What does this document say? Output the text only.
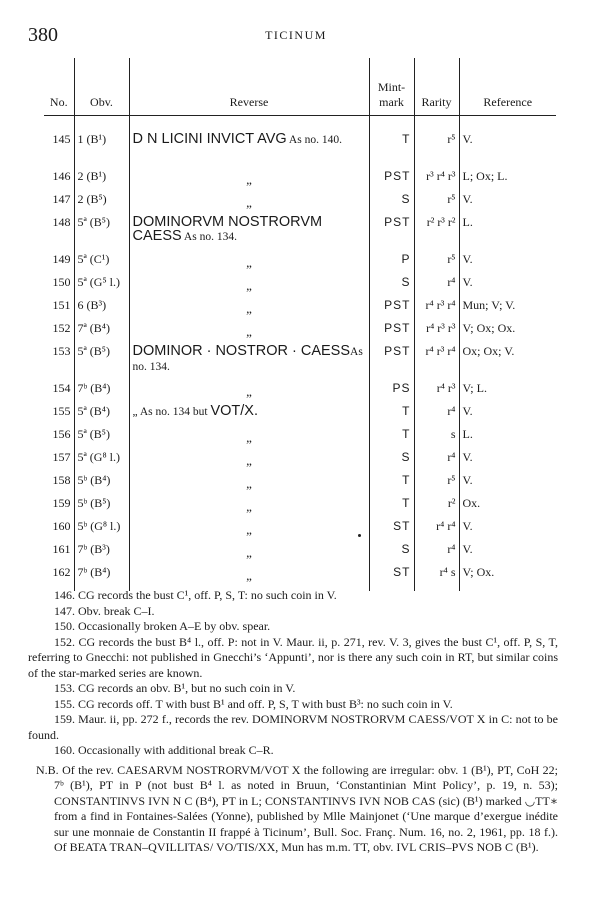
380	TICINUM
No.	Obv.	Reverse	Mint-
mark	Rarity	Reference

145	1 (B¹)	D N LICINI INVICT AVG As no. 140.	T	r⁵	V.
146	2 (B¹)	„	PST	r³ r⁴ r³	L; Ox; L.
147	2 (B⁵)	„	S	r⁵	V.
148	5ª (B⁵)	DOMINORVM NOSTRORVM CAESS As no. 134.	PST	r² r³ r²	L.
149	5ª (C¹)	„	P	r⁵	V.
150	5ª (G⁵ l.)	„	S	r⁴	V.
151	6 (B³)	„	PST	r⁴ r³ r⁴	Mun; V; V.
152	7ª (B⁴)	„	PST	r⁴ r³ r³	V; Ox; Ox.
153	5ª (B⁵)	DOMINOR · NOSTROR · CAESSAs no. 134.	PST	r⁴ r³ r⁴	Ox; Ox; V.
154	7ᵇ (B⁴)	„	PS	r⁴ r³	V; L.
155	5ª (B⁴)	„ As no. 134 but VOT/X.	T	r⁴	V.
156	5ª (B⁵)	„	T	s	L.
157	5ª (G⁸ l.)	„	S	r⁴	V.
158	5ᵇ (B⁴)	„	T	r⁵	V.
159	5ᵇ (B⁵)	„	T	r²	Ox.
160	5ᵇ (G⁸ l.)	„	ST	r⁴ r⁴	V.
161	7ᵇ (B³)	„	S	r⁴	V.
162	7ᵇ (B⁴)	„	ST	r⁴ s	V; Ox.

146. CG records the bust C¹, off. P, S, T: no such coin in V.

147. Obv. break C–I.

150. Occasionally broken A–E by obv. spear.

152. CG records the bust B⁴ l., off. P: not in V. Maur. ii, p. 271, rev. V. 3, gives the bust C¹, off. P, S, T, referring to Gnecchi: not published in Gnecchi’s ‘Appunti’, nor is there any such coin in RT, but similar coins of the star-marked series are known.

153. CG records an obv. B¹, but no such coin in V.

155. CG records off. T with bust B¹ and off. P, S, T with bust B³: no such coin in V.

159. Maur. ii, pp. 272 f., records the rev. DOMINORVM NOSTRORVM CAESS/VOT X in C: not to be found.

160. Occasionally with additional break C–R.

N.B. Of the rev. CAESARVM NOSTRORVM/VOT X the following are irregular: obv. 1 (B¹), PT, CoH 22; 7ᵇ (B¹), PT in P (not bust B⁴ l. as noted in Bruun, ‘Constantinian Mint Policy’, p. 19, n. 53); CONSTANTINVS IVN N C (B⁴), PT in L; CONSTANTINVS IVN NOB CAS (sic) (B¹) marked ◡TT∗ from a find in Fontaines-Salées (Yonne), published by Mlle Mainjonet (‘Une marque d’exergue inédite sur une monnaie de Constantin II frappé à Ticinum’, Bull. Soc. Franç. Num. 16, no. 2, 1961, pp. 18 f.). Of BEATA TRAN–QVILLITAS/ VO/TIS/XX, Mun has m.m. TT, obv. IVL CRIS–PVS NOB C (B¹).
